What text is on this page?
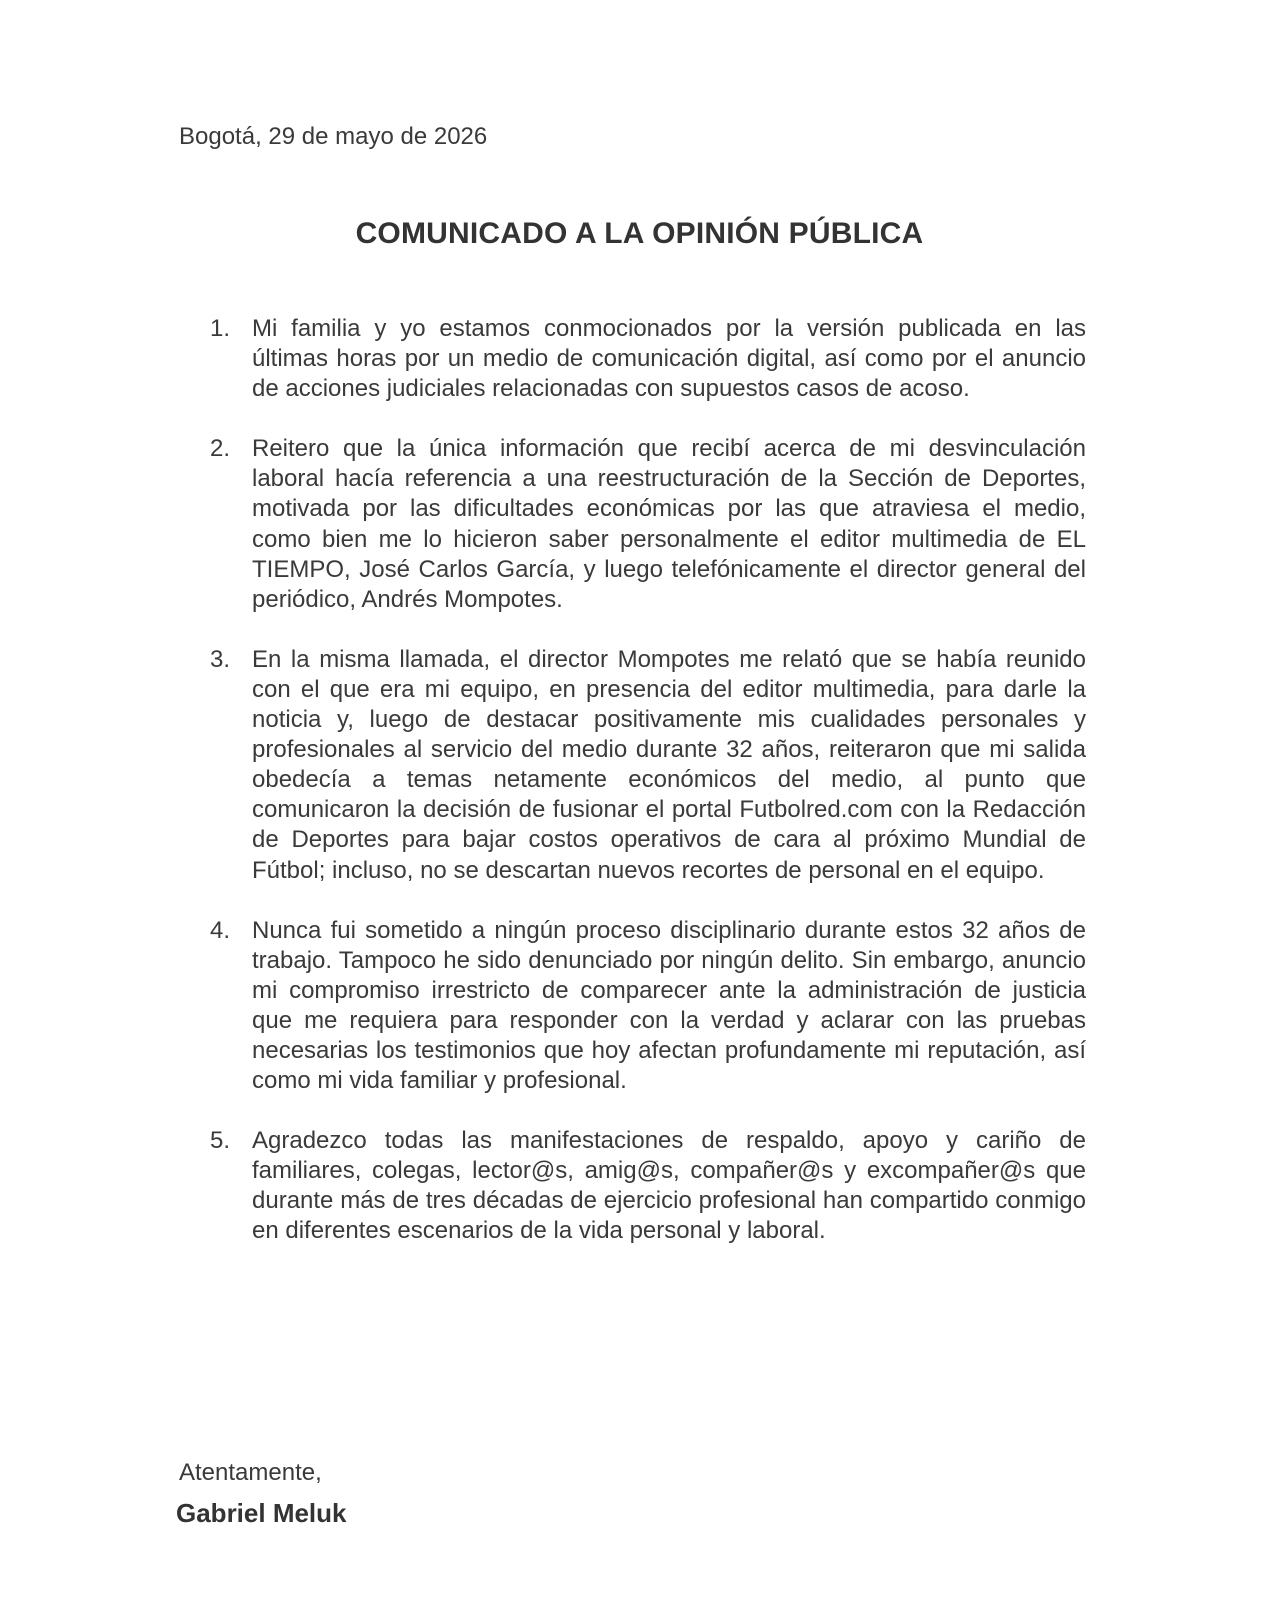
Bogotá, 29 de mayo de 2026

COMUNICADO A LA OPINIÓN PÚBLICA
1. Mi familia y yo estamos conmocionados por la versión publicada en las últimas horas por un medio de comunicación digital, así como por el anuncio de acciones judiciales relacionadas con supuestos casos de acoso.

2. Reitero que la única información que recibí acerca de mi desvinculación laboral hacía referencia a una reestructuración de la Sección de Deportes, motivada por las dificultades económicas por las que atraviesa el medio, como bien me lo hicieron saber personalmente el editor multimedia de EL TIEMPO, José Carlos García, y luego telefónicamente el director general del periódico, Andrés Mompotes.

3. En la misma llamada, el director Mompotes me relató que se había reunido con el que era mi equipo, en presencia del editor multimedia, para darle la noticia y, luego de destacar positivamente mis cualidades personales y profesionales al servicio del medio durante 32 años, reiteraron que mi salida obedecía a temas netamente económicos del medio, al punto que comunicaron la decisión de fusionar el portal Futbolred.com con la Redacción de Deportes para bajar costos operativos de cara al próximo Mundial de Fútbol; incluso, no se descartan nuevos recortes de personal en el equipo.

4. Nunca fui sometido a ningún proceso disciplinario durante estos 32 años de trabajo. Tampoco he sido denunciado por ningún delito. Sin embargo, anuncio mi compromiso irrestricto de comparecer ante la administración de justicia que me requiera para responder con la verdad y aclarar con las pruebas necesarias los testimonios que hoy afectan profundamente mi reputación, así como mi vida familiar y profesional.

5. Agradezco todas las manifestaciones de respaldo, apoyo y cariño de familiares, colegas, lector@s, amig@s, compañer@s y excompañer@s que durante más de tres décadas de ejercicio profesional han compartido conmigo en diferentes escenarios de la vida personal y laboral.

Atentamente,

Gabriel Meluk
